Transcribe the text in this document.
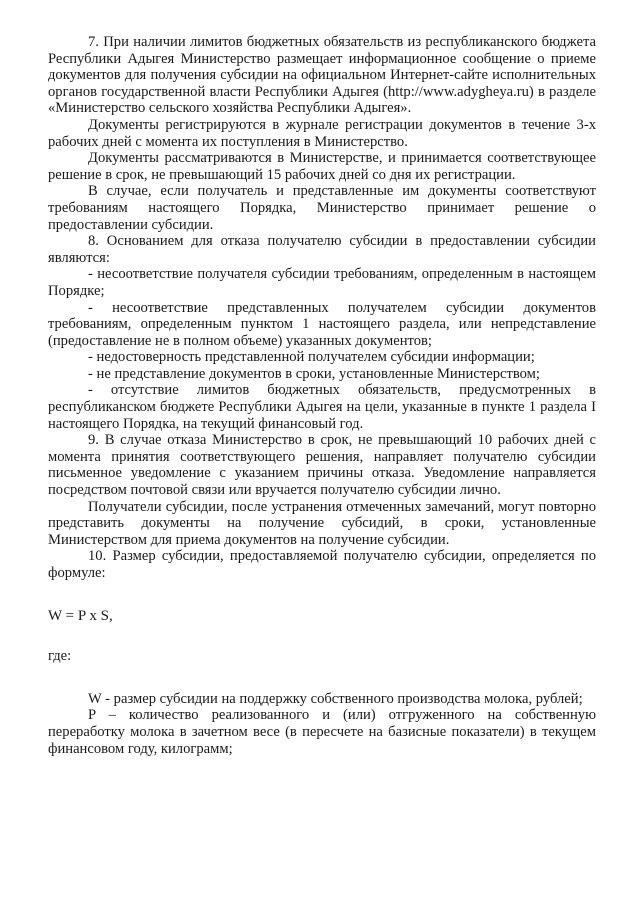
7. При наличии лимитов бюджетных обязательств из республиканского бюджета Республики Адыгея Министерство размещает информационное сообщение о приеме документов для получения субсидии на официальном Интернет-сайте исполнительных органов государственной власти Республики Адыгея (http://www.adygheya.ru) в разделе «Министерство сельского хозяйства Республики Адыгея».

Документы регистрируются в журнале регистрации документов в течение 3-х рабочих дней с момента их поступления в Министерство.

Документы рассматриваются в Министерстве, и принимается соответствующее решение в срок, не превышающий 15 рабочих дней со дня их регистрации.

В случае, если получатель и представленные им документы соответствуют требованиям настоящего Порядка, Министерство принимает решение о предоставлении субсидии.

8. Основанием для отказа получателю субсидии в предоставлении субсидии являются:

- несоответствие получателя субсидии требованиям, определенным в настоящем Порядке;

- несоответствие представленных получателем субсидии документов требованиям, определенным пунктом 1 настоящего раздела, или непредставление (предоставление не в полном объеме) указанных документов;

- недостоверность представленной получателем субсидии информации;

- не представление документов в сроки, установленные Министерством;

- отсутствие лимитов бюджетных обязательств, предусмотренных в республиканском бюджете Республики Адыгея на цели, указанные в пункте 1 раздела I настоящего Порядка, на текущий финансовый год.

9. В случае отказа Министерство в срок, не превышающий 10 рабочих дней с момента принятия соответствующего решения, направляет получателю субсидии письменное уведомление с указанием причины отказа. Уведомление направляется посредством почтовой связи или вручается получателю субсидии лично.

Получатели субсидии, после устранения отмеченных замечаний, могут повторно представить документы на получение субсидий, в сроки, установленные Министерством для приема документов на получение субсидии.

10. Размер субсидии, предоставляемой получателю субсидии, определяется по формуле:

W = P x S,

где:

W - размер субсидии на поддержку собственного производства молока, рублей;

P – количество реализованного и (или) отгруженного на собственную переработку молока в зачетном весе (в пересчете на базисные показатели) в текущем финансовом году, килограмм;
